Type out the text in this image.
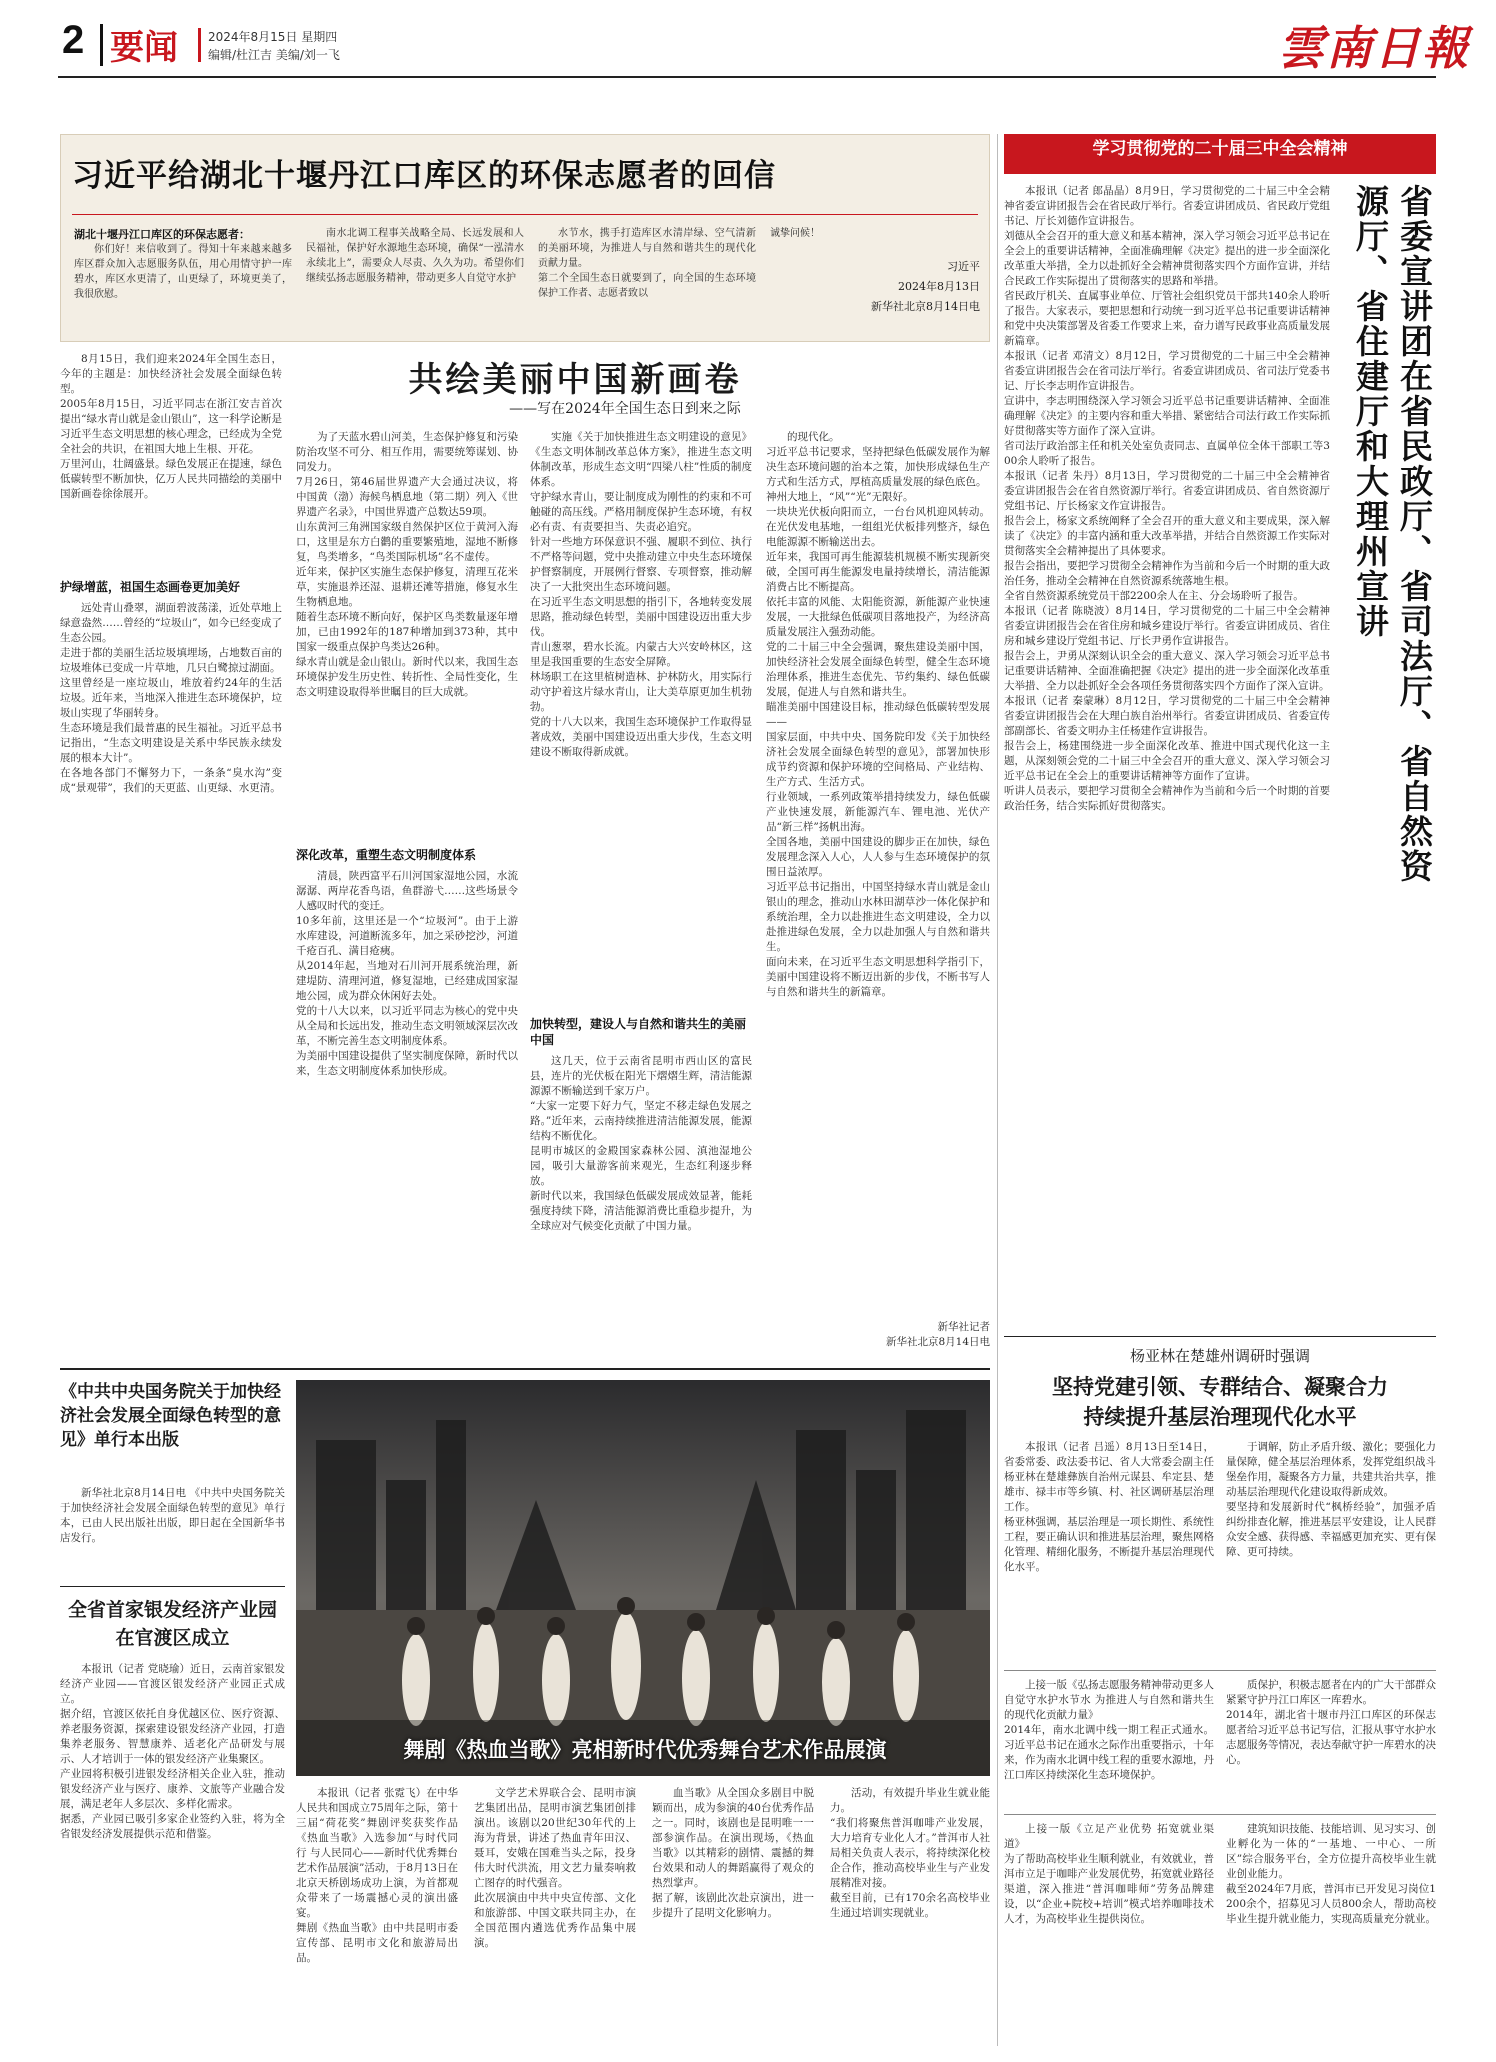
2 要闻	2024年8月15日 星期四
编辑/杜江吉 美编/刘一飞	雲南日報
习近平给湖北十堰丹江口库区的环保志愿者的回信
湖北十堰丹江口库区的环保志愿者：
你们好！来信收到了。得知十年来越来越多库区群众加入志愿服务队伍，用心用情守护一库碧水，库区水更清了，山更绿了，环境更美了，我很欣慰。
南水北调工程事关战略全局、长远发展和人民福祉，保护好水源地生态环境，确保“一泓清水永续北上”，需要众人尽责、久久为功。希望你们继续弘扬志愿服务精神，带动更多人自觉守水护
水节水，携手打造库区水清岸绿、空气清新的美丽环境，为推进人与自然和谐共生的现代化贡献力量。
第二个全国生态日就要到了，向全国的生态环境保护工作者、志愿者致以
诚挚问候！
习近平
2024年8月13日
新华社北京8月14日电
共绘美丽中国新画卷
——写在2024年全国生态日到来之际
8月15日，我们迎来2024年全国生态日，今年的主题是：加快经济社会发展全面绿色转型。
2005年8月15日，习近平同志在浙江安吉首次提出“绿水青山就是金山银山”，这一科学论断是习近平生态文明思想的核心理念，已经成为全党全社会的共识，在祖国大地上生根、开花。
万里河山，壮阔盛景。绿色发展正在提速，绿色低碳转型不断加快，亿万人民共同描绘的美丽中国新画卷徐徐展开。
护绿增蓝，祖国生态画卷更加美好
远处青山叠翠，湖面碧波荡漾，近处草地上绿意盎然……曾经的“垃圾山”，如今已经变成了生态公园。
走进于都的美丽生活垃圾填埋场，占地数百亩的垃圾堆体已变成一片草地，几只白鹭掠过湖面。
这里曾经是一座垃圾山，堆放着约24年的生活垃圾。近年来，当地深入推进生态环境保护，垃圾山实现了华丽转身。
生态环境是我们最普惠的民生福祉。习近平总书记指出，“生态文明建设是关系中华民族永续发展的根本大计”。
在各地各部门不懈努力下，一条条“臭水沟”变成“景观带”，我们的天更蓝、山更绿、水更清。
为了天蓝水碧山河美，生态保护修复和污染防治攻坚不可分、相互作用，需要统筹谋划、协同发力。
7月26日，第46届世界遗产大会通过决议，将中国黄（渤）海候鸟栖息地（第二期）列入《世界遗产名录》，中国世界遗产总数达59项。
山东黄河三角洲国家级自然保护区位于黄河入海口，这里是东方白鹳的重要繁殖地，湿地不断修复，鸟类增多，“鸟类国际机场”名不虚传。
近年来，保护区实施生态保护修复，清理互花米草，实施退养还湿、退耕还滩等措施，修复水生生物栖息地。
随着生态环境不断向好，保护区鸟类数量逐年增加，已由1992年的187种增加到373种，其中国家一级重点保护鸟类达26种。
绿水青山就是金山银山。新时代以来，我国生态环境保护发生历史性、转折性、全局性变化，生态文明建设取得举世瞩目的巨大成就。
深化改革，重塑生态文明制度体系
清晨，陕西富平石川河国家湿地公园，水流潺潺、两岸花香鸟语，鱼群游弋……这些场景令人感叹时代的变迁。
10多年前，这里还是一个“垃圾河”。由于上游水库建设，河道断流多年，加之采砂挖沙，河道千疮百孔、满目疮痍。
从2014年起，当地对石川河开展系统治理，新建堤防、清理河道，修复湿地，已经建成国家湿地公园，成为群众休闲好去处。
党的十八大以来，以习近平同志为核心的党中央从全局和长远出发，推动生态文明领域深层次改革，不断完善生态文明制度体系。
为美丽中国建设提供了坚实制度保障，新时代以来，生态文明制度体系加快形成。
实施《关于加快推进生态文明建设的意见》《生态文明体制改革总体方案》，推进生态文明体制改革，形成生态文明“四梁八柱”性质的制度体系。
守护绿水青山，要让制度成为刚性的约束和不可触碰的高压线。严格用制度保护生态环境，有权必有责、有责要担当、失责必追究。
针对一些地方环保意识不强、履职不到位、执行不严格等问题，党中央推动建立中央生态环境保护督察制度，开展例行督察、专项督察，推动解决了一大批突出生态环境问题。
在习近平生态文明思想的指引下，各地转变发展思路，推动绿色转型，美丽中国建设迈出重大步伐。
青山葱翠，碧水长流。内蒙古大兴安岭林区，这里是我国重要的生态安全屏障。
林场职工在这里植树造林、护林防火，用实际行动守护着这片绿水青山，让大美草原更加生机勃勃。
党的十八大以来，我国生态环境保护工作取得显著成效，美丽中国建设迈出重大步伐，生态文明建设不断取得新成就。
加快转型，建设人与自然和谐共生的美丽中国
这几天，位于云南省昆明市西山区的富民县，连片的光伏板在阳光下熠熠生辉，清洁能源源源不断输送到千家万户。
“大家一定要下好力气，坚定不移走绿色发展之路。”近年来，云南持续推进清洁能源发展，能源结构不断优化。
昆明市城区的金殿国家森林公园、滇池湿地公园，吸引大量游客前来观光，生态红利逐步释放。
新时代以来，我国绿色低碳发展成效显著，能耗强度持续下降，清洁能源消费比重稳步提升，为全球应对气候变化贡献了中国力量。
的现代化。
习近平总书记要求，坚持把绿色低碳发展作为解决生态环境问题的治本之策，加快形成绿色生产方式和生活方式，厚植高质量发展的绿色底色。
神州大地上，“风”“光”无限好。
一块块光伏板向阳而立，一台台风机迎风转动。在光伏发电基地，一组组光伏板排列整齐，绿色电能源源不断输送出去。
近年来，我国可再生能源装机规模不断实现新突破，全国可再生能源发电量持续增长，清洁能源消费占比不断提高。
依托丰富的风能、太阳能资源，新能源产业快速发展，一大批绿色低碳项目落地投产，为经济高质量发展注入强劲动能。
党的二十届三中全会强调，聚焦建设美丽中国，加快经济社会发展全面绿色转型，健全生态环境治理体系，推进生态优先、节约集约、绿色低碳发展，促进人与自然和谐共生。
瞄准美丽中国建设目标，推动绿色低碳转型发展——
国家层面，中共中央、国务院印发《关于加快经济社会发展全面绿色转型的意见》，部署加快形成节约资源和保护环境的空间格局、产业结构、生产方式、生活方式。
行业领域，一系列政策举措持续发力，绿色低碳产业快速发展，新能源汽车、锂电池、光伏产品“新三样”扬帆出海。
全国各地，美丽中国建设的脚步正在加快，绿色发展理念深入人心，人人参与生态环境保护的氛围日益浓厚。
习近平总书记指出，中国坚持绿水青山就是金山银山的理念，推动山水林田湖草沙一体化保护和系统治理，全力以赴推进生态文明建设，全力以赴推进绿色发展，全力以赴加强人与自然和谐共生。
面向未来，在习近平生态文明思想科学指引下，美丽中国建设将不断迈出新的步伐，不断书写人与自然和谐共生的新篇章。
新华社记者
新华社北京8月14日电
学习贯彻党的二十届三中全会精神
省委宣讲团在省民政厅、省司法厅、省自然资源厅、省住建厅和大理州宣讲
本报讯（记者 郎晶晶）8月9日，学习贯彻党的二十届三中全会精神省委宣讲团报告会在省民政厅举行。省委宣讲团成员、省民政厅党组书记、厅长刘德作宣讲报告。
刘德从全会召开的重大意义和基本精神，深入学习领会习近平总书记在全会上的重要讲话精神，全面准确理解《决定》提出的进一步全面深化改革重大举措，全力以赴抓好全会精神贯彻落实四个方面作宣讲，并结合民政工作实际提出了贯彻落实的思路和举措。
省民政厅机关、直属事业单位、厅管社会组织党员干部共140余人聆听了报告。大家表示，要把思想和行动统一到习近平总书记重要讲话精神和党中央决策部署及省委工作要求上来，奋力谱写民政事业高质量发展新篇章。
本报讯（记者 邓清文）8月12日，学习贯彻党的二十届三中全会精神省委宣讲团报告会在省司法厅举行。省委宣讲团成员、省司法厅党委书记、厅长李志明作宣讲报告。
宣讲中，李志明围绕深入学习领会习近平总书记重要讲话精神、全面准确理解《决定》的主要内容和重大举措、紧密结合司法行政工作实际抓好贯彻落实等方面作了深入宣讲。
省司法厅政治部主任和机关处室负责同志、直属单位全体干部职工等300余人聆听了报告。
本报讯（记者 朱丹）8月13日，学习贯彻党的二十届三中全会精神省委宣讲团报告会在省自然资源厅举行。省委宣讲团成员、省自然资源厅党组书记、厅长杨家文作宣讲报告。
报告会上，杨家文系统阐释了全会召开的重大意义和主要成果，深入解读了《决定》的丰富内涵和重大改革举措，并结合自然资源工作实际对贯彻落实全会精神提出了具体要求。
报告会指出，要把学习贯彻全会精神作为当前和今后一个时期的重大政治任务，推动全会精神在自然资源系统落地生根。
全省自然资源系统党员干部2200余人在主、分会场聆听了报告。
本报讯（记者 陈晓波）8月14日，学习贯彻党的二十届三中全会精神省委宣讲团报告会在省住房和城乡建设厅举行。省委宣讲团成员、省住房和城乡建设厅党组书记、厅长尹勇作宣讲报告。
报告会上，尹勇从深刻认识全会的重大意义、深入学习领会习近平总书记重要讲话精神、全面准确把握《决定》提出的进一步全面深化改革重大举措、全力以赴抓好全会各项任务贯彻落实四个方面作了深入宣讲。
本报讯（记者 秦蒙琳）8月12日，学习贯彻党的二十届三中全会精神省委宣讲团报告会在大理白族自治州举行。省委宣讲团成员、省委宣传部副部长、省委文明办主任杨建作宣讲报告。
报告会上，杨建围绕进一步全面深化改革、推进中国式现代化这一主题，从深刻领会党的二十届三中全会召开的重大意义、深入学习领会习近平总书记在全会上的重要讲话精神等方面作了宣讲。
听讲人员表示，要把学习贯彻全会精神作为当前和今后一个时期的首要政治任务，结合实际抓好贯彻落实。
杨亚林在楚雄州调研时强调
坚持党建引领、专群结合、凝聚合力
持续提升基层治理现代化水平
本报讯（记者 吕遥）8月13日至14日，省委常委、政法委书记、省人大常委会副主任杨亚林在楚雄彝族自治州元谋县、牟定县、楚雄市、禄丰市等乡镇、村、社区调研基层治理工作。
杨亚林强调，基层治理是一项长期性、系统性工程，要正确认识和推进基层治理，聚焦网格化管理、精细化服务，不断提升基层治理现代化水平。
于调解，防止矛盾升级、激化；要强化力量保障，健全基层治理体系，发挥党组织战斗堡垒作用，凝聚各方力量，共建共治共享，推动基层治理现代化建设取得新成效。
要坚持和发展新时代“枫桥经验”，加强矛盾纠纷排查化解，推进基层平安建设，让人民群众安全感、获得感、幸福感更加充实、更有保障、更可持续。
上接一版《弘扬志愿服务精神带动更多人自觉守水护水节水 为推进人与自然和谐共生的现代化贡献力量》
2014年，南水北调中线一期工程正式通水。习近平总书记在通水之际作出重要指示，十年来，作为南水北调中线工程的重要水源地，丹江口库区持续深化生态环境保护。
质保护，积极志愿者在内的广大干部群众紧紧守护丹江口库区一库碧水。
2014年，湖北省十堰市丹江口库区的环保志愿者给习近平总书记写信，汇报从事守水护水志愿服务等情况，表达奉献守护一库碧水的决心。
上接一版《立足产业优势 拓宽就业渠道》
为了帮助高校毕业生顺利就业，有效就业，普洱市立足于咖啡产业发展优势，拓宽就业路径渠道，深入推进“普洱咖啡师”劳务品牌建设，以“企业+院校+培训”模式培养咖啡技术人才，为高校毕业生提供岗位。
建筑知识技能、技能培训、见习实习、创业孵化为一体的“一基地、一中心、一所区”综合服务平台，全方位提升高校毕业生就业创业能力。
截至2024年7月底，普洱市已开发见习岗位1200余个，招募见习人员800余人，帮助高校毕业生提升就业能力，实现高质量充分就业。
《中共中央国务院关于加快经济社会发展全面绿色转型的意见》单行本出版
新华社北京8月14日电 《中共中央国务院关于加快经济社会发展全面绿色转型的意见》单行本，已由人民出版社出版，即日起在全国新华书店发行。
全省首家银发经济产业园在官渡区成立
本报讯（记者 党晓瑜）近日，云南首家银发经济产业园——官渡区银发经济产业园正式成立。
据介绍，官渡区依托自身优越区位、医疗资源、养老服务资源，探索建设银发经济产业园，打造集养老服务、智慧康养、适老化产品研发与展示、人才培训于一体的银发经济产业集聚区。
产业园将积极引进银发经济相关企业入驻，推动银发经济产业与医疗、康养、文旅等产业融合发展，满足老年人多层次、多样化需求。
据悉，产业园已吸引多家企业签约入驻，将为全省银发经济发展提供示范和借鉴。
舞剧《热血当歌》亮相新时代优秀舞台艺术作品展演
本报讯（记者 张霓飞）在中华人民共和国成立75周年之际，第十三届“荷花奖”舞剧评奖获奖作品《热血当歌》入选参加“与时代同行 与人民同心——新时代优秀舞台艺术作品展演”活动，于8月13日在北京天桥剧场成功上演，为首都观众带来了一场震撼心灵的演出盛宴。
舞剧《热血当歌》由中共昆明市委宣传部、昆明市文化和旅游局出品。
文学艺术界联合会、昆明市演艺集团出品，昆明市演艺集团创排演出。该剧以20世纪30年代的上海为背景，讲述了热血青年田汉、聂耳，安娥在国难当头之际，投身伟大时代洪流，用文艺力量奏响救亡图存的时代强音。
此次展演由中共中央宣传部、文化和旅游部、中国文联共同主办，在全国范围内遴选优秀作品集中展演。
血当歌》从全国众多剧目中脱颖而出，成为参演的40台优秀作品之一。同时，该剧也是昆明唯一一部参演作品。在演出现场，《热血当歌》以其精彩的剧情、震撼的舞台效果和动人的舞蹈赢得了观众的热烈掌声。
据了解，该剧此次赴京演出，进一步提升了昆明文化影响力。
活动，有效提升毕业生就业能力。
“我们将聚焦普洱咖啡产业发展，大力培育专业化人才。”普洱市人社局相关负责人表示，将持续深化校企合作，推动高校毕业生与产业发展精准对接。
截至目前，已有170余名高校毕业生通过培训实现就业。
